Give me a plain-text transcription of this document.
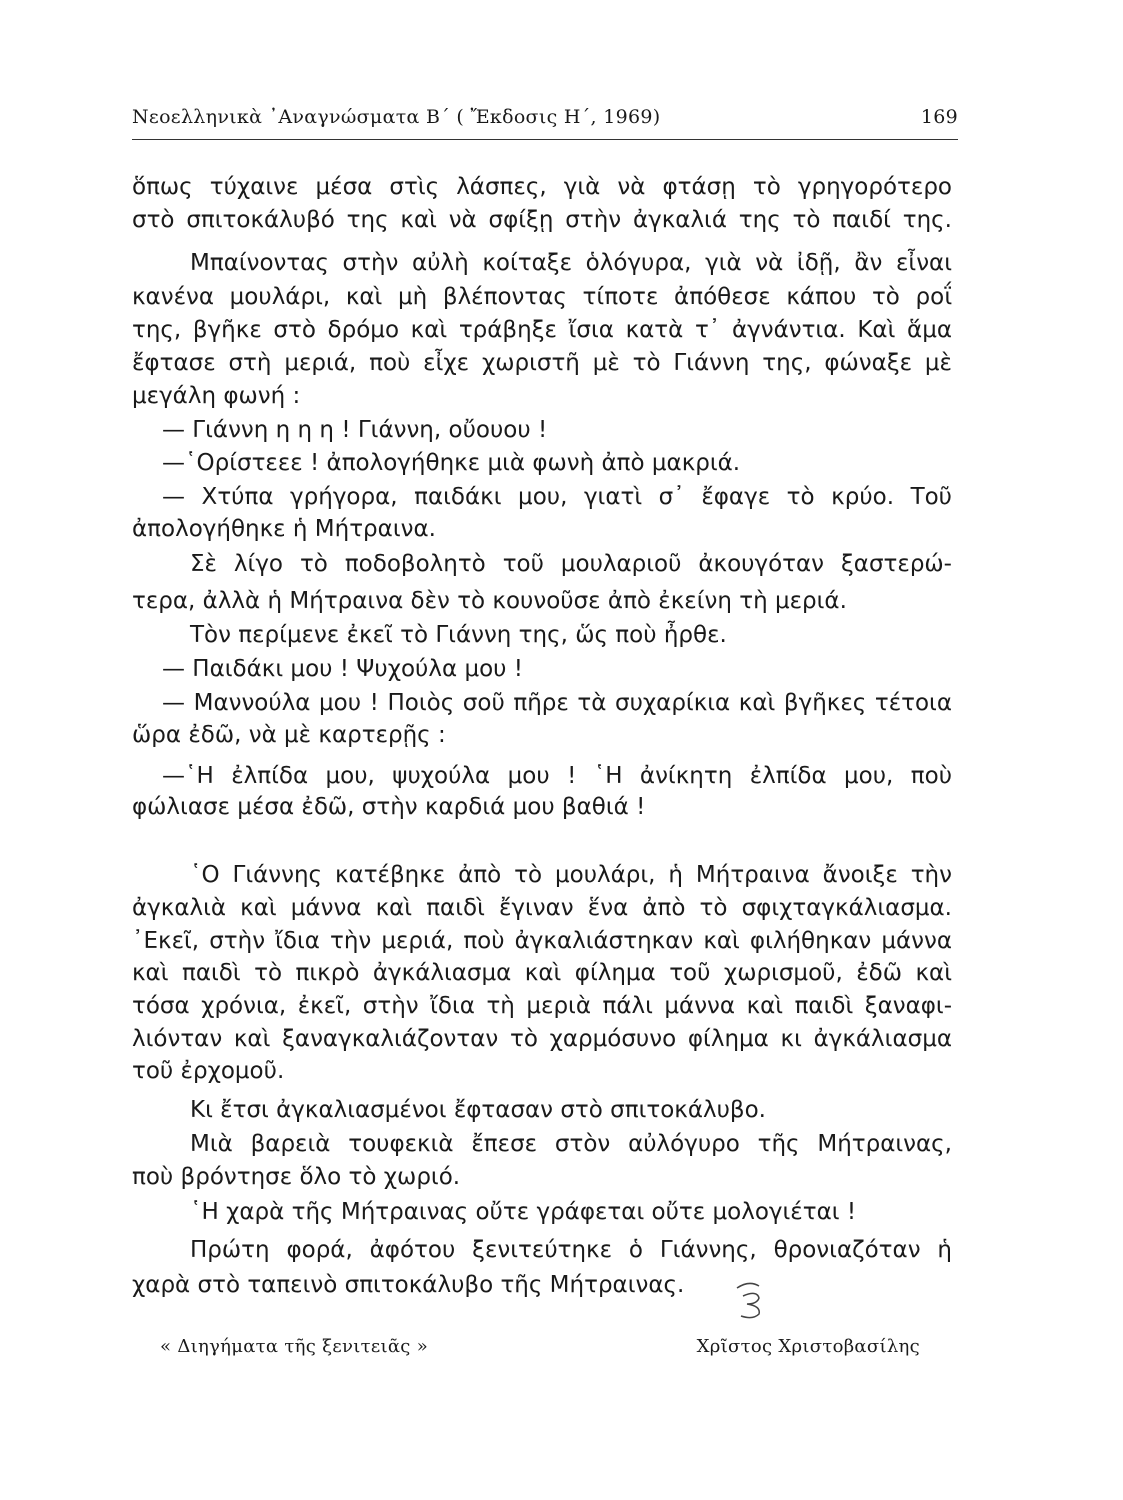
Νεοελληνικὰ ᾽Αναγνώσματα Β΄ ( Ἔκδοσις Η΄, 1969)	169
ὅπως τύχαινε μέσα στὶς λάσπες, γιὰ νὰ φτάσῃ τὸ γρηγορότερο
στὸ σπιτοκάλυβό της καὶ νὰ σφίξῃ στὴν ἀγκαλιά της τὸ παιδί της.
Μπαίνοντας στὴν αὐλὴ κοίταξε ὁλόγυρα, γιὰ νὰ ἰδῇ, ἂν εἶναι
κανένα μουλάρι, καὶ μὴ βλέποντας τίποτε ἀπόθεσε κάπου τὸ ροΐ
της, βγῆκε στὸ δρόμο καὶ τράβηξε ἴσια κατὰ τ᾽ ἀγνάντια. Καὶ ἅμα
ἔφτασε στὴ μεριά, ποὺ εἶχε χωριστῆ μὲ τὸ Γιάννη της, φώναξε μὲ
μεγάλη φωνή :
— Γιάννη η η η ! Γιάννη, οὔουου !
—῾Ορίστεεε ! ἀπολογήθηκε μιὰ φωνὴ ἀπὸ μακριά.
— Χτύπα γρήγορα, παιδάκι μου, γιατὶ σ᾽ ἔφαγε τὸ κρύο. Τοῦ
ἀπολογήθηκε ἡ Μήτραινα.
Σὲ λίγο τὸ ποδοβολητὸ τοῦ μουλαριοῦ ἀκουγόταν ξαστερώ-
τερα, ἀλλὰ ἡ Μήτραινα δὲν τὸ κουνοῦσε ἀπὸ ἐκείνη τὴ μεριά.
Τὸν περίμενε ἐκεῖ τὸ Γιάννη της, ὥς ποὺ ἦρθε.
— Παιδάκι μου ! Ψυχούλα μου !
— Μαννούλα μου ! Ποιὸς σοῦ πῆρε τὰ συχαρίκια καὶ βγῆκες τέτοια
ὥρα ἐδῶ, νὰ μὲ καρτερῇς :
—῾Η ἐλπίδα μου, ψυχούλα μου ! ῾Η ἀνίκητη ἐλπίδα μου, ποὺ
φώλιασε μέσα ἐδῶ, στὴν καρδιά μου βαθιά !
῾Ο Γιάννης κατέβηκε ἀπὸ τὸ μουλάρι, ἡ Μήτραινα ἄνοιξε τὴν
ἀγκαλιὰ καὶ μάννα καὶ παιδὶ ἔγιναν ἕνα ἀπὸ τὸ σφιχταγκάλιασμα.
᾽Εκεῖ, στὴν ἴδια τὴν μεριά, ποὺ ἀγκαλιάστηκαν καὶ φιλήθηκαν μάννα
καὶ παιδὶ τὸ πικρὸ ἀγκάλιασμα καὶ φίλημα τοῦ χωρισμοῦ, ἐδῶ καὶ
τόσα χρόνια, ἐκεῖ, στὴν ἴδια τὴ μεριὰ πάλι μάννα καὶ παιδὶ ξαναφι-
λιόνταν καὶ ξαναγκαλιάζονταν τὸ χαρμόσυνο φίλημα κι ἀγκάλιασμα
τοῦ ἐρχομοῦ.
Κι ἔτσι ἀγκαλιασμένοι ἔφτασαν στὸ σπιτοκάλυβο.
Μιὰ βαρειὰ τουφεκιὰ ἔπεσε στὸν αὐλόγυρο τῆς Μήτραινας,
ποὺ βρόντησε ὅλο τὸ χωριό.
῾Η χαρὰ τῆς Μήτραινας οὔτε γράφεται οὔτε μολογιέται !
Πρώτη φορά, ἀφότου ξενιτεύτηκε ὁ Γιάννης, θρονιαζόταν ἡ
χαρὰ στὸ ταπεινὸ σπιτοκάλυβο τῆς Μήτραινας.
« Διηγήματα τῆς ξενιτειᾶς »	Χρῖστος Χριστοβασίλης
